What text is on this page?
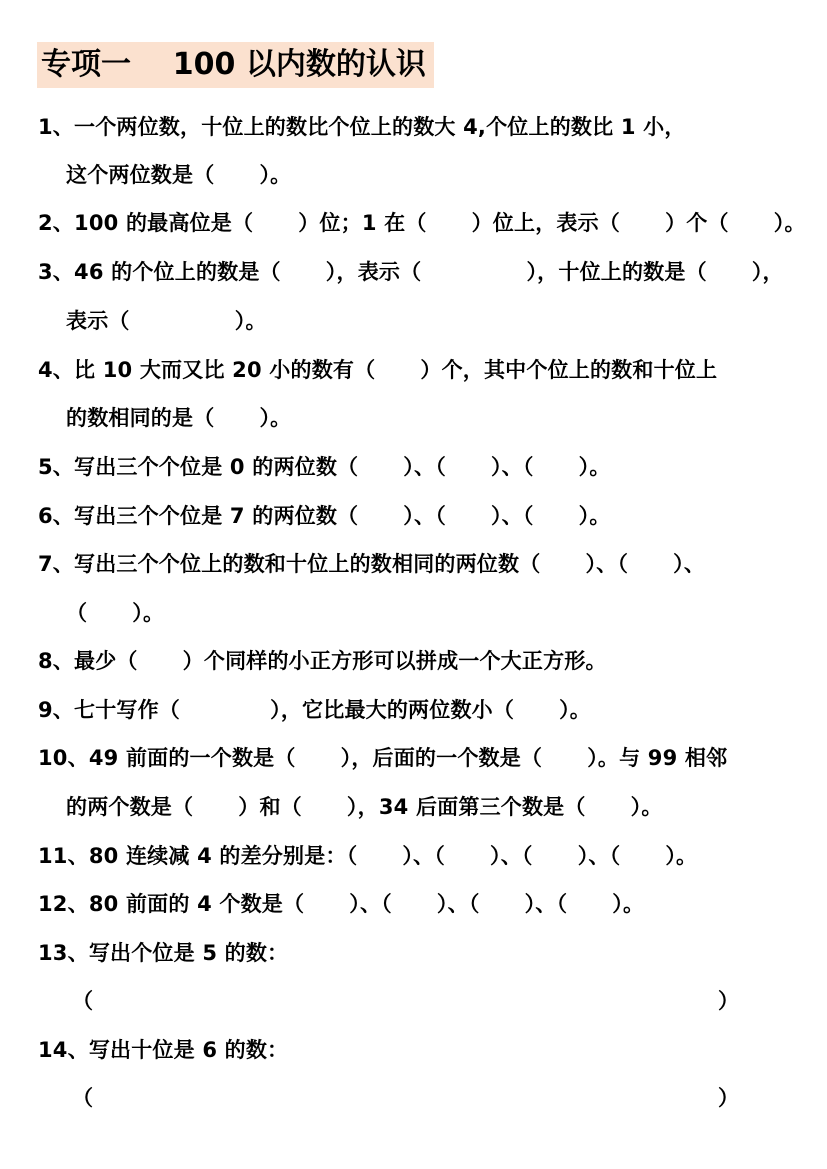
专项一    100 以内数的认识
1、一个两位数，十位上的数比个位上的数大 4,个位上的数比 1 小，
这个两位数是（      ）。
2、100 的最高位是（      ）位；1 在（      ）位上，表示（      ）个（      ）。
3、46 的个位上的数是（      ），表示（              ），十位上的数是（      ），
表示（              ）。
4、比 10 大而又比 20 小的数有（      ）个，其中个位上的数和十位上
的数相同的是（      ）。
5、写出三个个位是 0 的两位数（      ）、（      ）、（      ）。
6、写出三个个位是 7 的两位数（      ）、（      ）、（      ）。
7、写出三个个位上的数和十位上的数相同的两位数（      ）、（      ）、
（      ）。
8、最少（      ）个同样的小正方形可以拼成一个大正方形。
9、七十写作（            ），它比最大的两位数小（      ）。
10、49 前面的一个数是（      ），后面的一个数是（      ）。与 99 相邻
的两个数是（      ）和（      ），34 后面第三个数是（      ）。
11、80 连续减 4 的差分别是：（      ）、（      ）、（      ）、（      ）。
12、80 前面的 4 个数是（      ）、（      ）、（      ）、（      ）。
13、写出个位是 5 的数：
（	）
14、写出十位是 6 的数：
（	）
